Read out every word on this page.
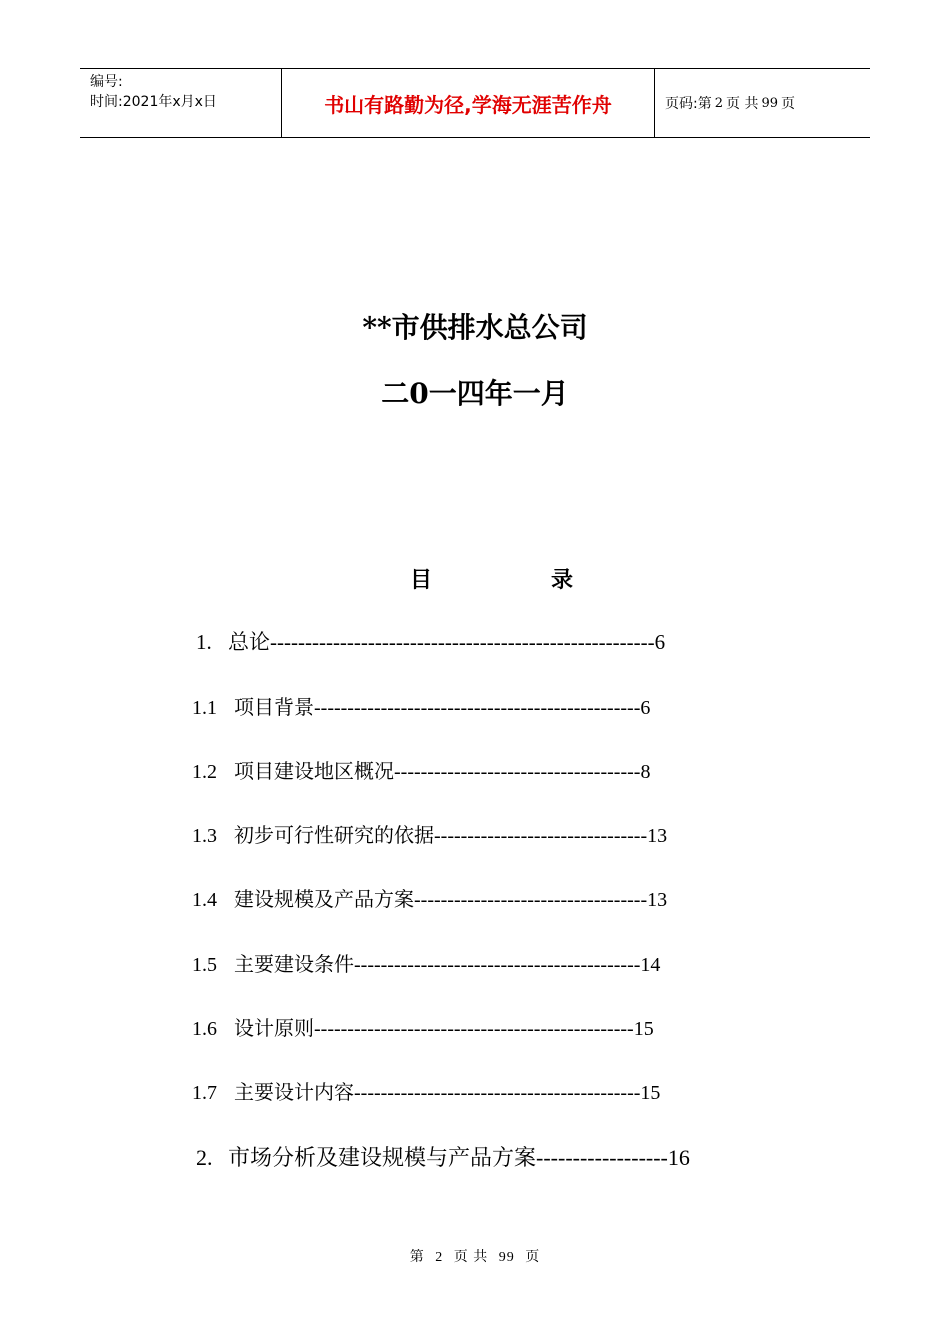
编号:
时间:2021年x月x日	书山有路勤为径,学海无涯苦作舟	页码:第 2 页 共 99 页
**市供排水总公司
二0一四年一月
目	录
1. 总论-------------------------------------------------------6
1.1 项目背景-------------------------------------------------6
1.2 项目建设地区概况-------------------------------------8
1.3 初步可行性研究的依据--------------------------------13
1.4 建设规模及产品方案-----------------------------------13
1.5 主要建设条件-------------------------------------------14
1.6 设计原则------------------------------------------------15
1.7 主要设计内容-------------------------------------------15
2. 市场分析及建设规模与产品方案------------------16
第 2 页 共 99 页
